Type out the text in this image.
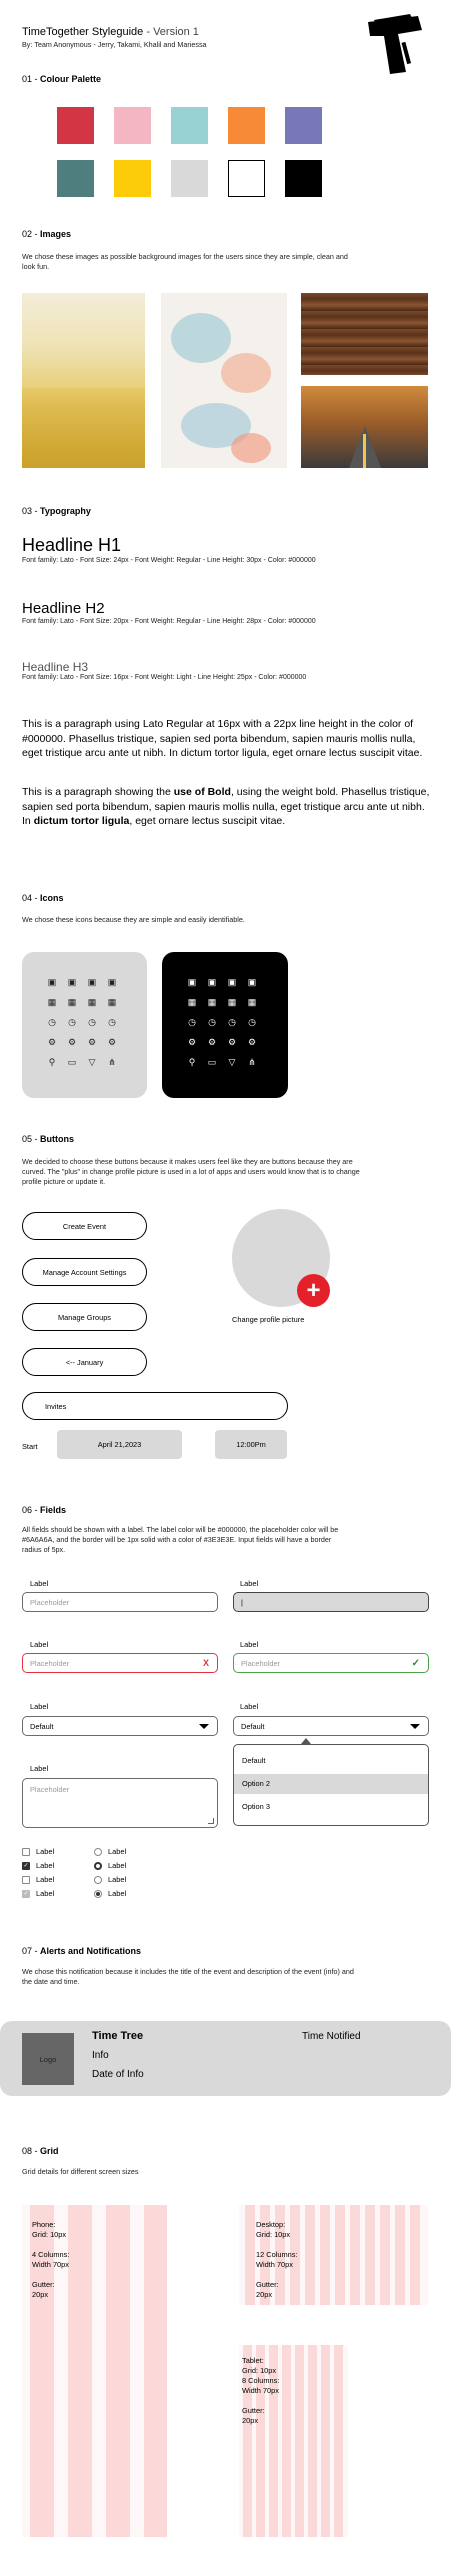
TimeTogether Styleguide - Version 1
By: Team Anonymous - Jerry, Takami, Khalil and Mariessa
01 - Colour Palette
02 - Images
We chose these images as possible background images for the users since they are simple, clean and look fun.
03 - Typography
Headline H1
Font family: Lato - Font Size: 24px - Font Weight: Regular - Line Height: 30px - Color: #000000
Headline H2
Font family: Lato - Font Size: 20px - Font Weight: Regular - Line Height: 28px - Color: #000000
Headline H3
Font family: Lato - Font Size: 16px - Font Weight: Light - Line Height: 25px - Color: #000000
This is a paragraph using Lato Regular at 16px with a 22px line height in the color of #000000. Phasellus tristique, sapien sed porta bibendum, sapien mauris mollis nulla, eget tristique arcu ante ut nibh. In dictum tortor ligula, eget ornare lectus suscipit vitae.
This is a paragraph showing the use of Bold, using the weight bold. Phasellus tristique, sapien sed porta bibendum, sapien mauris mollis nulla, eget tristique arcu ante ut nibh. In dictum tortor ligula, eget ornare lectus suscipit vitae.
04 - Icons
We chose these icons because they are simple and easily identifiable.
▣ ▣ ▣ ▣
▦ ▦ ▦ ▦
◷ ◷ ◷ ◷
⚙ ⚙ ⚙ ⚙
⚲ ▭ ▽ ⋔
▣ ▣ ▣ ▣
▦ ▦ ▦ ▦
◷ ◷ ◷ ◷
⚙ ⚙ ⚙ ⚙
⚲ ▭ ▽ ⋔
05 - Buttons
We decided to choose these buttons because it makes users feel like they are buttons because they are curved. The "plus" in change profile picture is used in a lot of apps and users would know that is to change profile picture or update it.
Create Event
Manage Account Settings
Manage Groups
<-- January
Invites
Start	April 21,2023	12:00Pm
+
Change profile picture
06 - Fields
All fields should be shown with a label. The label color will be #000000, the placeholder color will be #6A6A6A, and the border will be 1px solid with a color of #3E3E3E. Input fields will have a border radius of 5px.
Label
Placeholder
Label
|
Label
Placeholder	X
Label
Placeholder	✓
Label
Default
Label
Default
Default
Option 2
Option 3
Label
Placeholder
Label
✓ Label
Label
✓ Label
Label
Label
Label
Label
07 - Alerts and Notifications
We chose this notification because it includes the title of the event and description of the event (info) and the date and time.
Logo
Time Tree
Info
Date of Info
Time Notified
08 - Grid
Grid details for different screen sizes
Phone:
Grid: 10px

4 Columns:
Width 70px

Gutter:
20px
Desktop:
Grid: 10px

12 Columns:
Width 70px

Gutter:
20px
Tablet:
Grid: 10px
8 Columns:
Width 70px

Gutter:
20px
